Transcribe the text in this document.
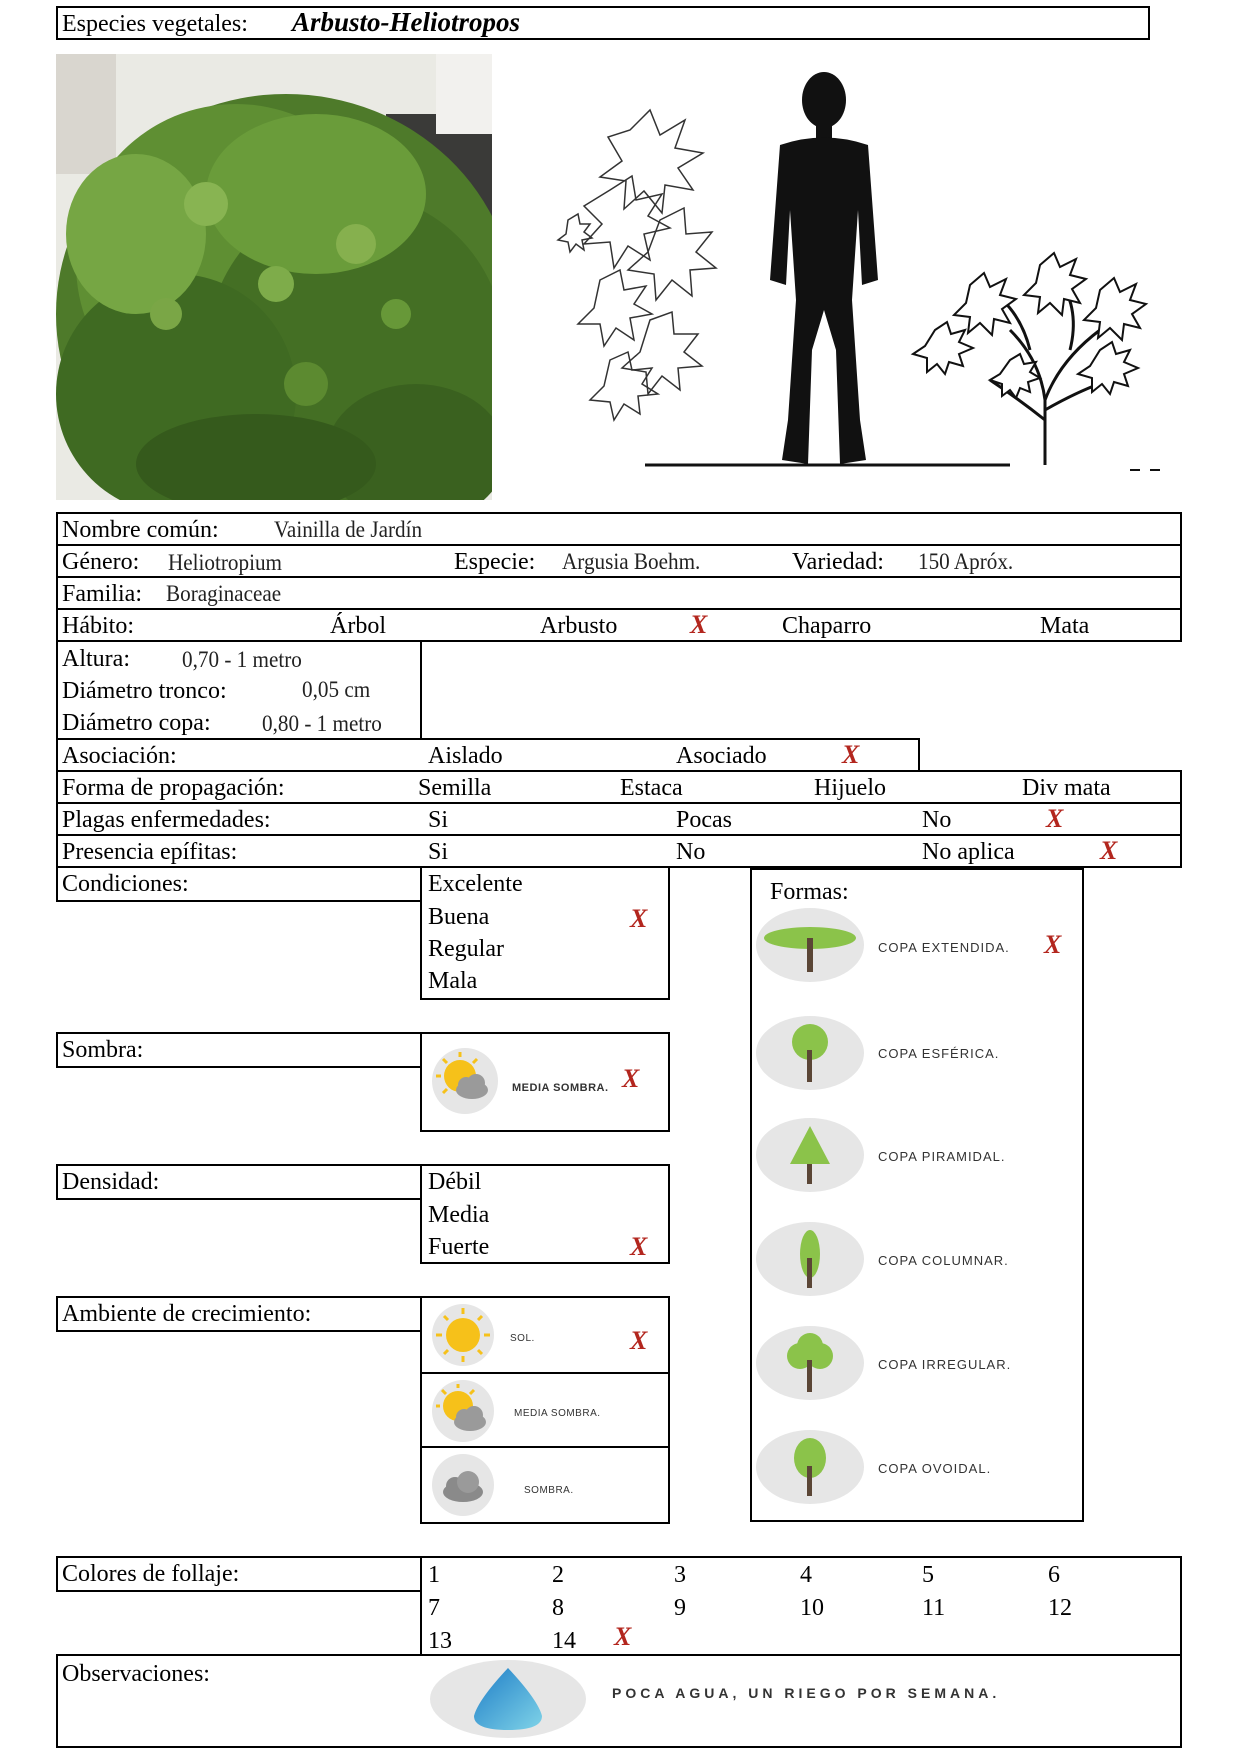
Especies vegetales: Arbusto-Heliotropos
Nombre común: Vainilla de Jardín
Género: Heliotropium	Especie: Argusia Boehm.	Variedad: 150 Apróx.
Familia: Boraginaceae
Hábito:	Árbol	Arbusto	X	Chaparro	Mata
Altura: 0,70 - 1 metro
Diámetro tronco:	0,05 cm
Diámetro copa: 0,80 - 1 metro
Asociación:	Aislado	Asociado	X
Forma de propagación:	Semilla	Estaca	Hijuelo	Div mata
Plagas enfermedades:	Si	Pocas	No	X
Presencia epífitas:	Si	No	No aplica	X
Condiciones:	Excelente
Buena	X
Regular
Mala
Sombra:
MEDIA SOMBRA. X
Densidad:	Débil
Media
Fuerte	X
Ambiente de crecimiento:
SOL.	X
MEDIA SOMBRA.
SOMBRA.
Formas:
COPA EXTENDIDA. X
COPA ESFÉRICA.
COPA PIRAMIDAL.
COPA COLUMNAR.
COPA IRREGULAR.
COPA OVOIDAL.
Colores de follaje:	1	2	3	4	5	6
7	8	9	10	11	12
13	14 X
Observaciones:
POCA AGUA, UN RIEGO POR SEMANA.
